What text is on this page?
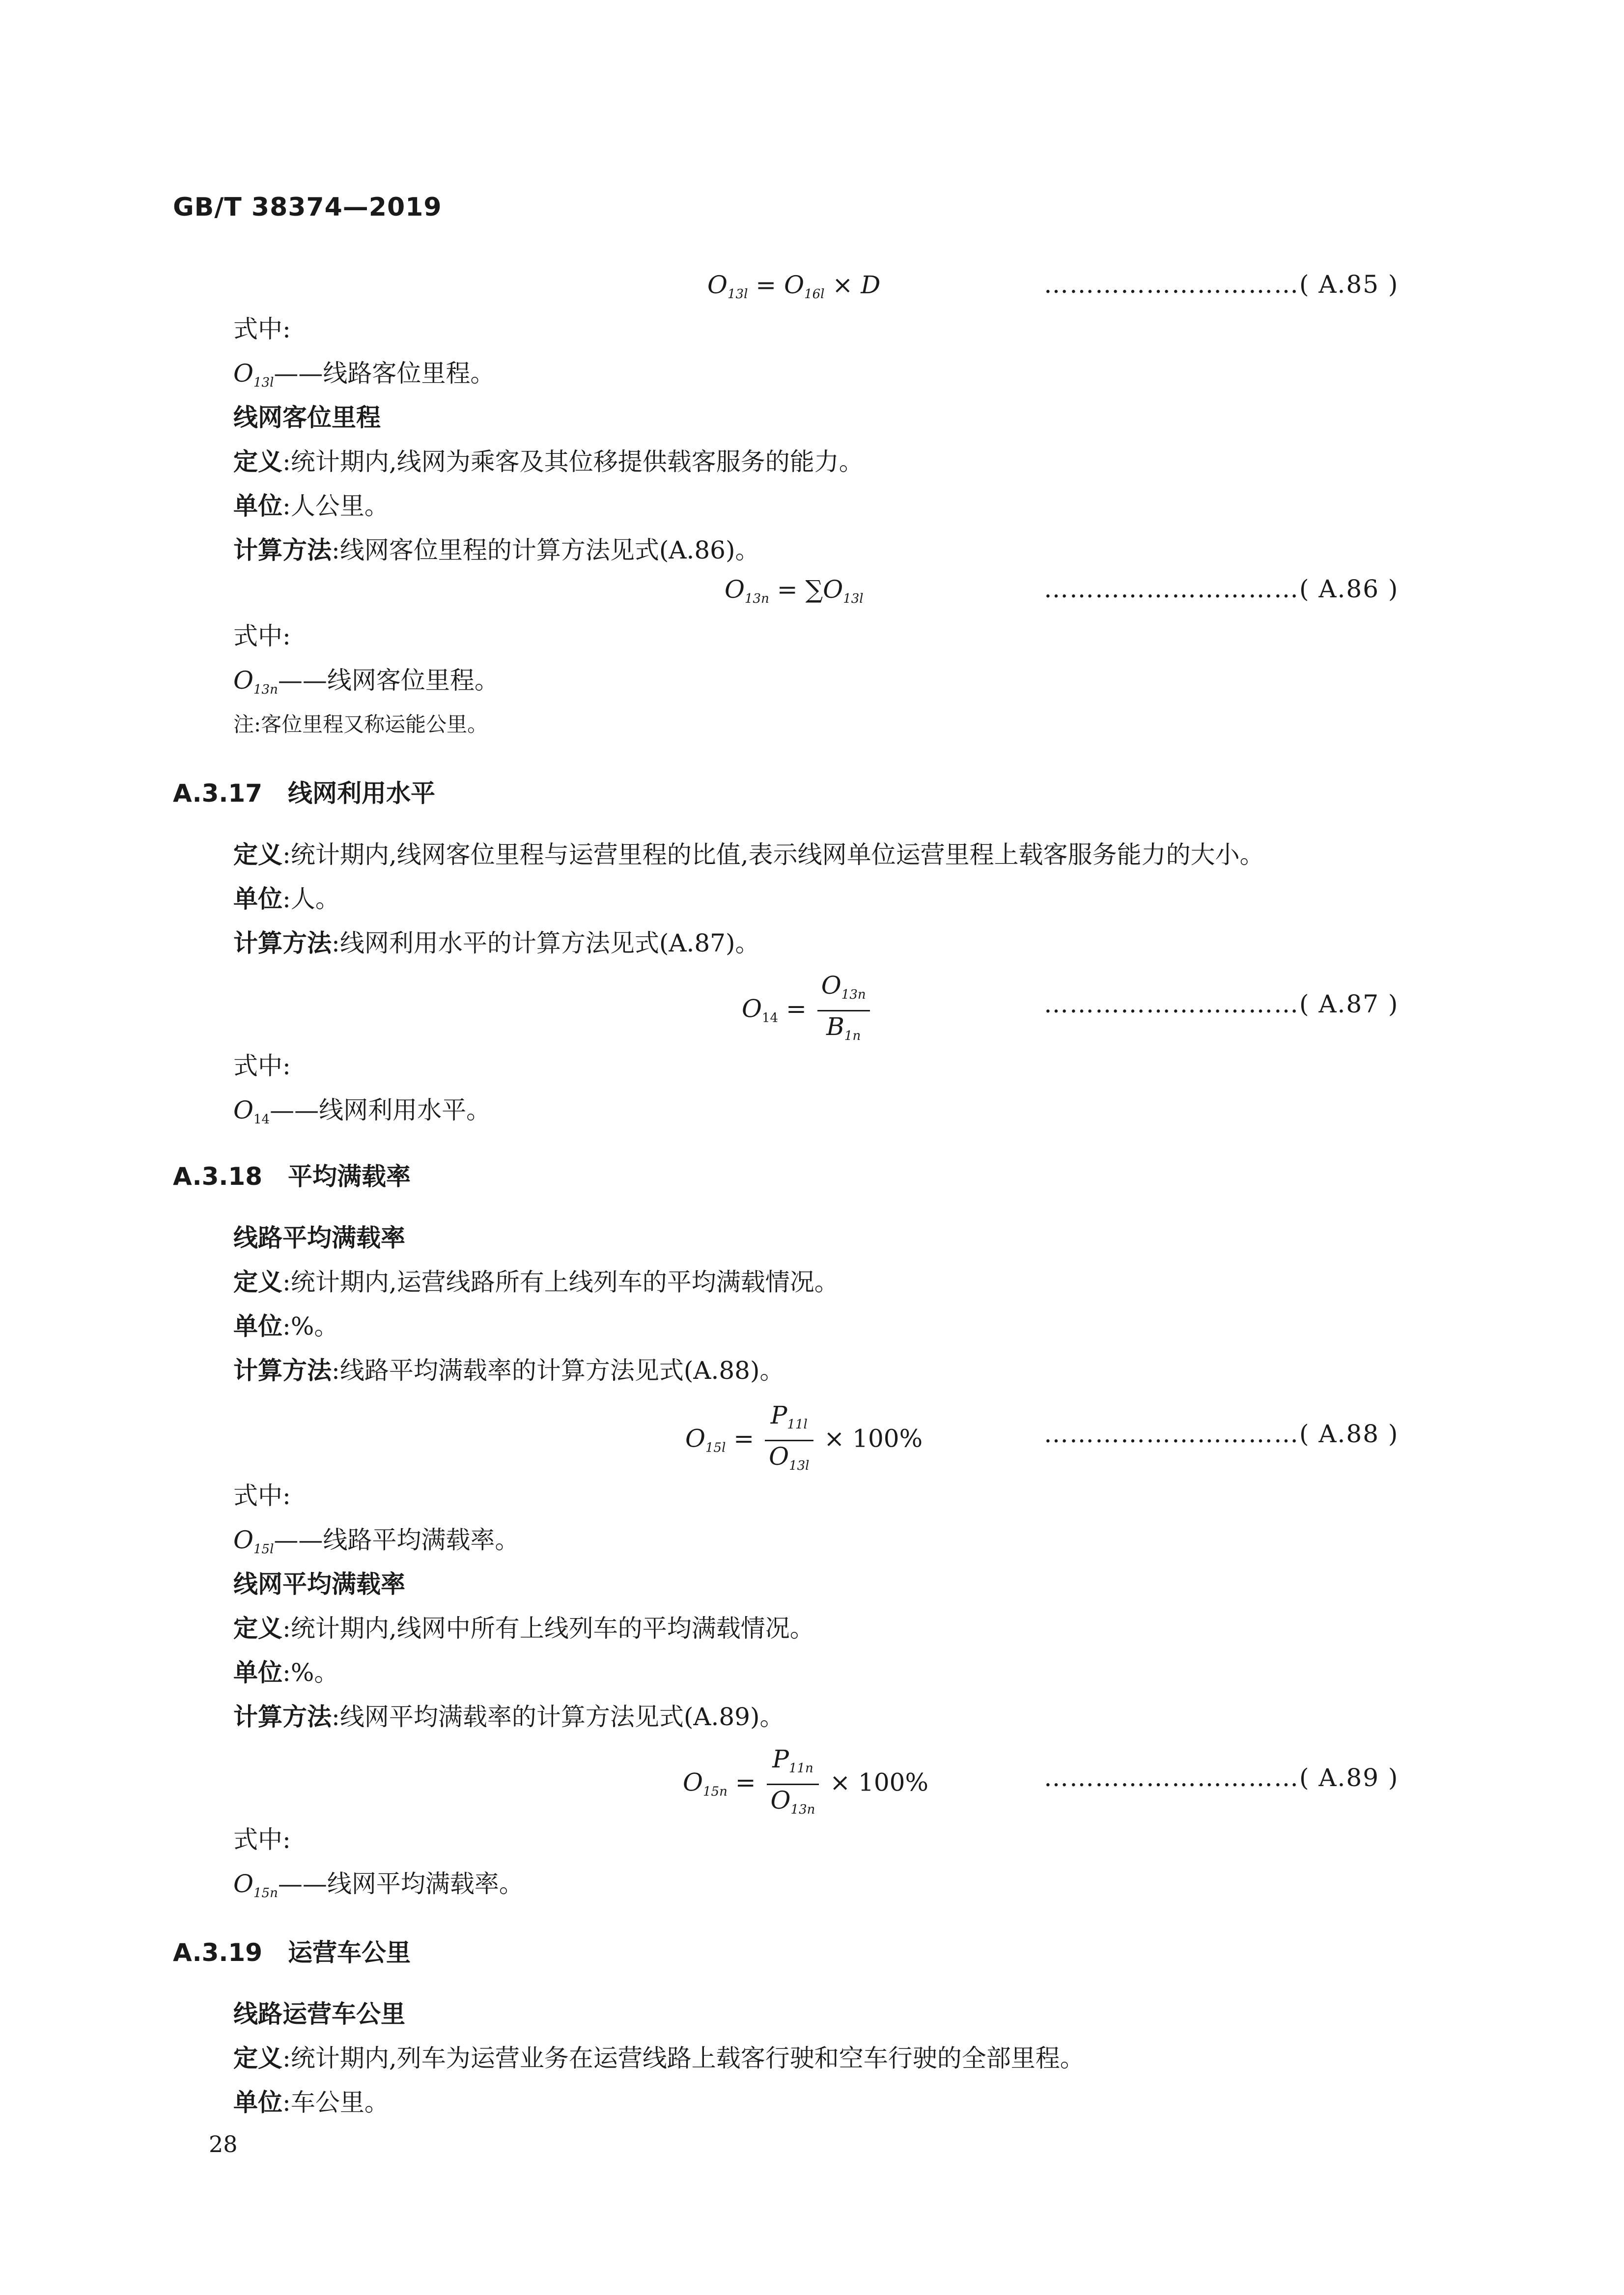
GB/T 38374—2019
$O_{13l} = O_{16l} \times D$	…………………………( A.85 )
式中:
$O_{13l}——$线路客位里程。
线网客位里程
定义:统计期内,线网为乘客及其位移提供载客服务的能力。
单位:人公里。
计算方法:线网客位里程的计算方法见式(A.86)。
$O_{13n} = \sum O_{13l}$	…………………………( A.86 )
式中:
$O_{13n}——$线网客位里程。
注:客位里程又称运能公里。
A.3.17 线网利用水平
定义:统计期内,线网客位里程与运营里程的比值,表示线网单位运营里程上载客服务能力的大小。
单位:人。
计算方法:线网利用水平的计算方法见式(A.87)。
$O_{14} = \frac{O_{13n}}{B_{1n}}$	…………………………( A.87 )
式中:
$O_{14}——$线网利用水平。
A.3.18 平均满载率
线路平均满载率
定义:统计期内,运营线路所有上线列车的平均满载情况。
单位:%。
计算方法:线路平均满载率的计算方法见式(A.88)。
$O_{15l} = \frac{P_{11l}}{O_{13l}} \times 100\%$	…………………………( A.88 )
式中:
$O_{15l}——$线路平均满载率。
线网平均满载率
定义:统计期内,线网中所有上线列车的平均满载情况。
单位:%。
计算方法:线网平均满载率的计算方法见式(A.89)。
$O_{15n} = \frac{P_{11n}}{O_{13n}} \times 100\%$	…………………………( A.89 )
式中:
$O_{15n}——$线网平均满载率。
A.3.19 运营车公里
线路运营车公里
定义:统计期内,列车为运营业务在运营线路上载客行驶和空车行驶的全部里程。
单位:车公里。
28
